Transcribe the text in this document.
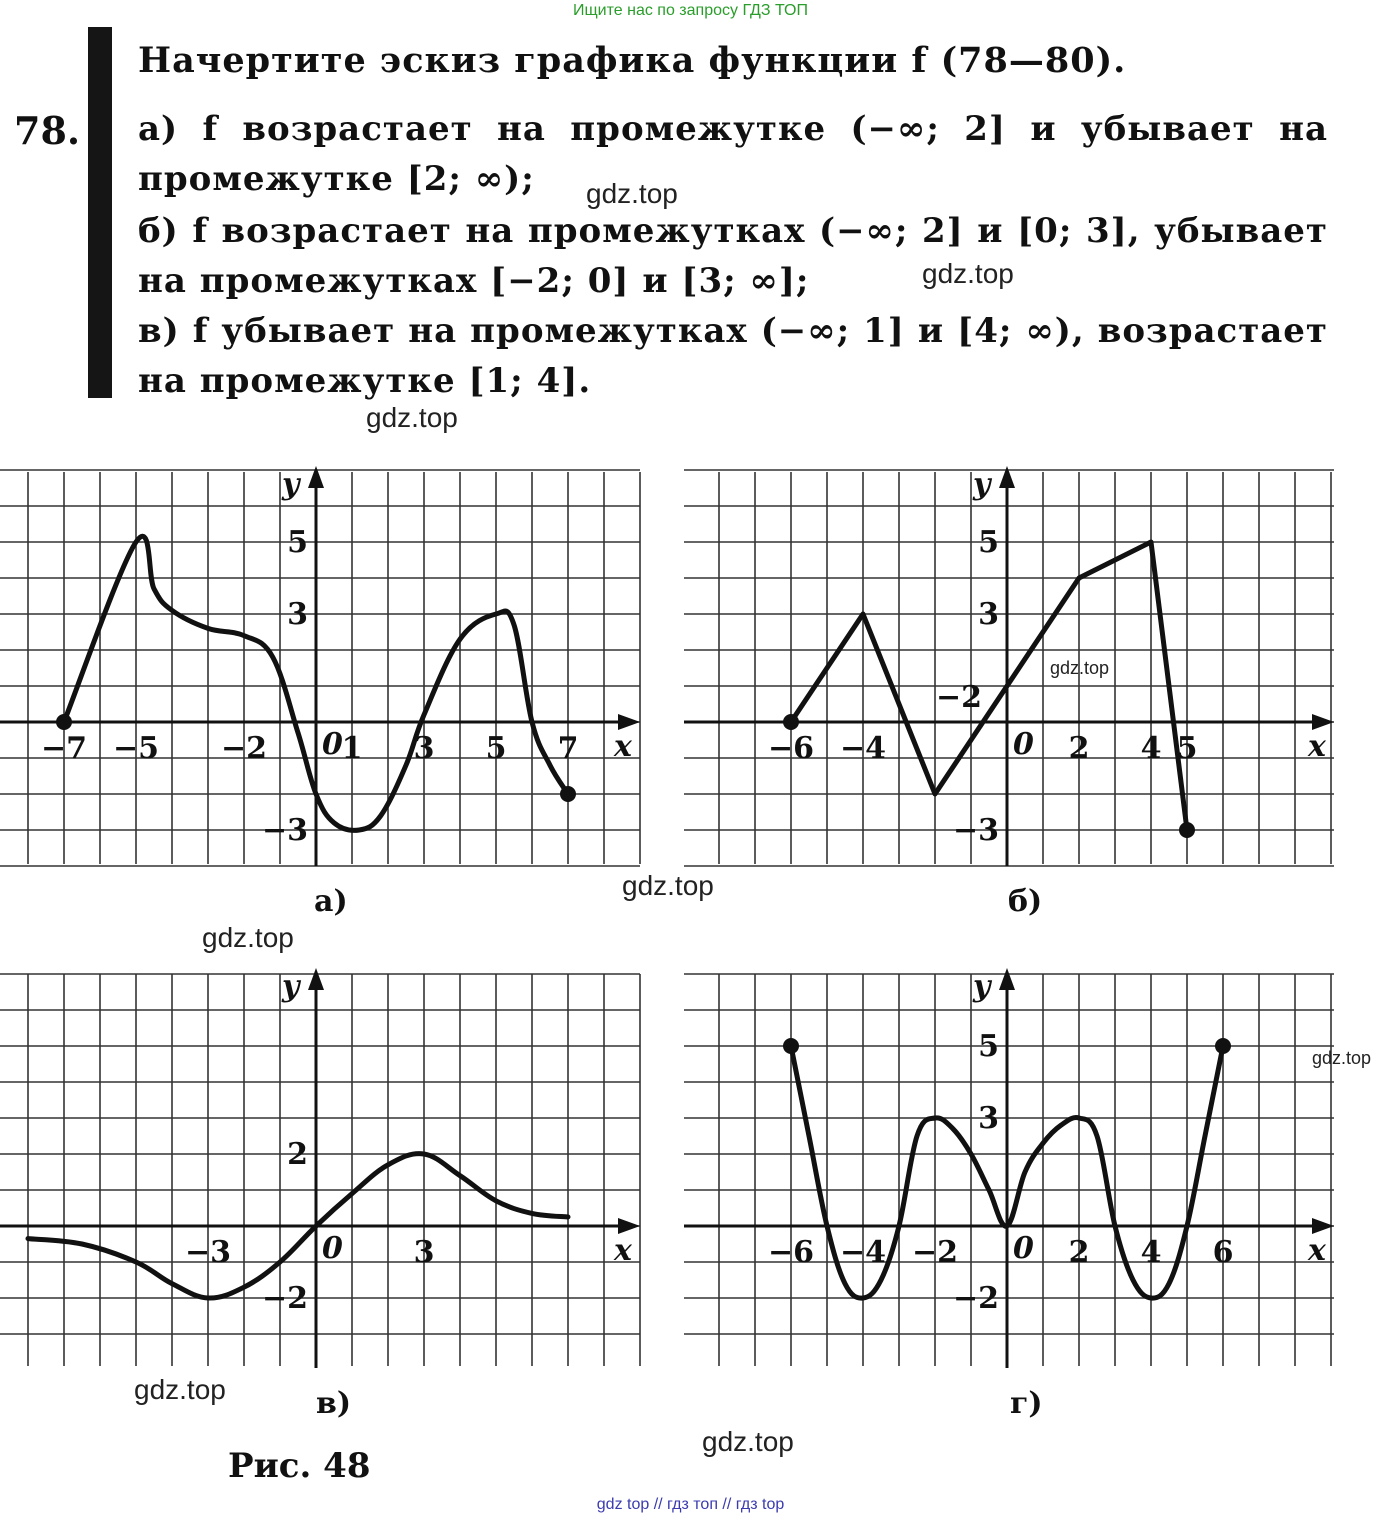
Ищите нас по запросу ГДЗ ТОП
78.
Начертите эскиз графика функции f (78—80).
а) f возрастает на промежутке (−∞; 2] и убывает на промежутке [2; ∞);
б) f возрастает на промежутках (−∞; 2] и [0; 3], убывает на промежутках [−2; 0] и [3; ∞];
в) f убывает на промежутках (−∞; 1] и [4; ∞), возрастает на промежутке [1; 4].
gdz.top
gdz.top
gdz.top
x
y
0
−7 −5 −2 1 3 5 7
5
3
−3
x
y
0
−6 −4	2 4 5
5
3
−3
−2
x
y
0
−3	3
2
−2
x
y
0
−6 −4 −2	2 4 6
5
3
−2
а)	б)
в)	г)
gdz.top
gdz.top
gdz.top
gdz.top
gdz.top
gdz.top
Рис. 48
gdz top // гдз топ // гдз top
